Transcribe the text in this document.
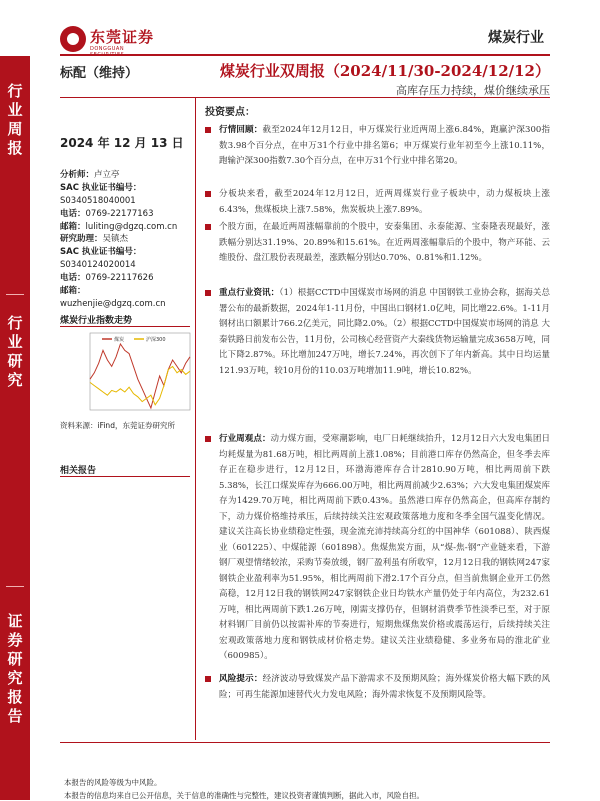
东莞证券
DONGGUAN
煤炭行业
行
业
周
报
行
业
研
究
证
券
研
究
报
告
标配（维持）	煤炭行业双周报（2024/11/30-2024/12/12）
高库存压力持续，煤价继续承压
2024 年 12 月 13 日
分析师：卢立亭
SAC 执业证书编号：
S0340518040001
电话：0769-22177163
邮箱：luliting@dgzq.com.cn
研究助理：吴镇杰
SAC 执业证书编号：
S0340124020014
电话：0769-22117626
邮箱：
wuzhenjie@dgzq.com.cn
煤炭行业指数走势
煤炭	沪深300
资料来源：iFind，东莞证券研究所
相关报告
投资要点：
行情回顾：截至2024年12月12日，申万煤炭行业近两周上涨6.84%，跑赢沪深300指数3.98个百分点，在申万31个行业中排名第6；申万煤炭行业年初至今上涨10.11%，跑输沪深300指数7.30个百分点，在申万31个行业中排名第20。
分板块来看，截至2024年12月12日，近两周煤炭行业子板块中，动力煤板块上涨6.43%，焦煤板块上涨7.58%，焦炭板块上涨7.89%。
个股方面，在最近两周涨幅靠前的个股中，安泰集团、永泰能源、宝泰隆表现最好，涨跌幅分别达31.19%、20.89%和15.61%。在近两周涨幅靠后的个股中，物产环能、云维股份、盘江股份表现最差，涨跌幅分别达0.70%、0.81%和1.12%。
重点行业资讯：（1）根据CCTD中国煤炭市场网的消息 中国钢铁工业协会称，据海关总署公布的最新数据，2024年1-11月份，中国出口钢材1.0亿吨，同比增22.6%。1-11月钢材出口额累计766.2亿美元，同比降2.0%。（2）根据CCTD中国煤炭市场网的消息 大秦铁路日前发布公告，11月份，公司核心经营资产大秦线货物运输量完成3658万吨，同比下降2.87%。环比增加247万吨，增长7.24%，再次创下了年内新高。其中日均运量121.93万吨，较10月份的110.03万吨增加11.9吨，增长10.82%。
行业周观点：动力煤方面，受寒潮影响，电厂日耗继续抬升，12月12日六大发电集团日均耗煤量为81.68万吨，相比两周前上涨1.08%；目前港口库存仍然高企，但冬季去库存正在稳步进行，12月12日，环渤海港库存合计2810.90万吨，相比两周前下跌5.38%，长江口煤炭库存为666.00万吨，相比两周前减少2.63%；六大发电集团煤炭库存为1429.70万吨，相比两周前下跌0.43%。虽然港口库存仍然高企，但高库存制约下，动力煤价格维持承压，后续持续关注宏观政策落地力度和冬季全国气温变化情况。建议关注高长协业绩稳定性强，现金流充沛持续高分红的中国神华（601088）、陕西煤业（601225）、中煤能源（601898）。焦煤焦炭方面，从“煤-焦-钢”产业链来看，下游钢厂观望情绪较浓，采购节奏放缓，钢厂盈利虽有所收窄，12月12日我的钢铁网247家钢铁企业盈利率为51.95%，相比两周前下滑2.17个百分点，但当前焦钢企业开工仍然高稳，12月12日我的钢铁网247家钢铁企业日均铁水产量仍处于年内高位，为232.61万吨，相比两周前下跌1.26万吨，刚需支撑仍存，但钢材消费季节性淡季已至，对于原材料钢厂目前仍以按需补库的节奏进行，短期焦煤焦炭价格或震荡运行，后续持续关注宏观政策落地力度和钢铁成材价格走势。建议关注业绩稳健、多业务布局的淮北矿业（600985）。
风险提示：经济波动导致煤炭产品下游需求不及预期风险；海外煤炭价格大幅下跌的风险；可再生能源加速替代火力发电风险；海外需求恢复不及预期风险等。
本报告的风险等级为中风险。
本报告的信息均来自已公开信息，关于信息的准确性与完整性，建议投资者谨慎判断，据此入市，风险自担。
